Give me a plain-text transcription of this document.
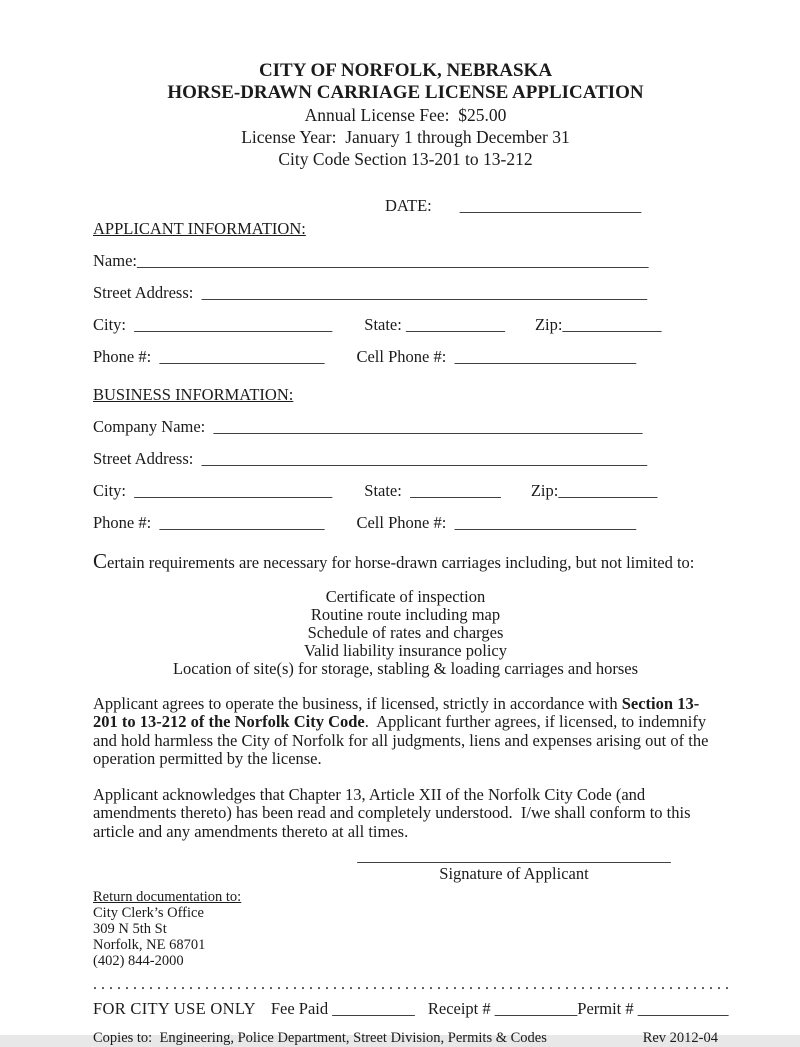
CITY OF NORFOLK, NEBRASKA
HORSE-DRAWN CARRIAGE LICENSE APPLICATION
Annual License Fee:  $25.00
License Year:  January 1 through December 31
City Code Section 13-201 to 13-212
DATE: ______________________
APPLICANT INFORMATION:
Name: ______________________________________________________________
Street Address: ______________________________________________________
City: ________________________ State: ____________ Zip: ____________
Phone #: ____________________ Cell Phone #: ______________________
BUSINESS INFORMATION:
Company Name: ____________________________________________________
Street Address: ______________________________________________________
City: ________________________ State: ___________ Zip: ____________
Phone #: ____________________ Cell Phone #: ______________________
Certain requirements are necessary for horse-drawn carriages including, but not limited to:
Certificate of inspection
Routine route including map
Schedule of rates and charges
Valid liability insurance policy
Location of site(s) for storage, stabling & loading carriages and horses
Applicant agrees to operate the business, if licensed, strictly in accordance with Section 13-201 to 13-212 of the Norfolk City Code.  Applicant further agrees, if licensed, to indemnify and hold harmless the City of Norfolk for all judgments, liens and expenses arising out of the operation permitted by the license.
Applicant acknowledges that Chapter 13, Article XII of the Norfolk City Code (and amendments thereto) has been read and completely understood.  I/we shall conform to this article and any amendments thereto at all times.
______________________________________
Signature of Applicant
Return documentation to:
City Clerk’s Office
309 N 5th St
Norfolk, NE 68701
(402) 844-2000
. . . . . . . . . . . . . . . . . . . . . . . . . . . . . . . . . . . . . . . . . . . . . . . . . . . . . . . . . . . . . . . . . . . . . . . . . . . . . . . .
FOR CITY USE ONLY Fee Paid __________ Receipt # __________ Permit # ___________
Copies to:  Engineering, Police Department, Street Division, Permits & Codes	Rev 2012-04
